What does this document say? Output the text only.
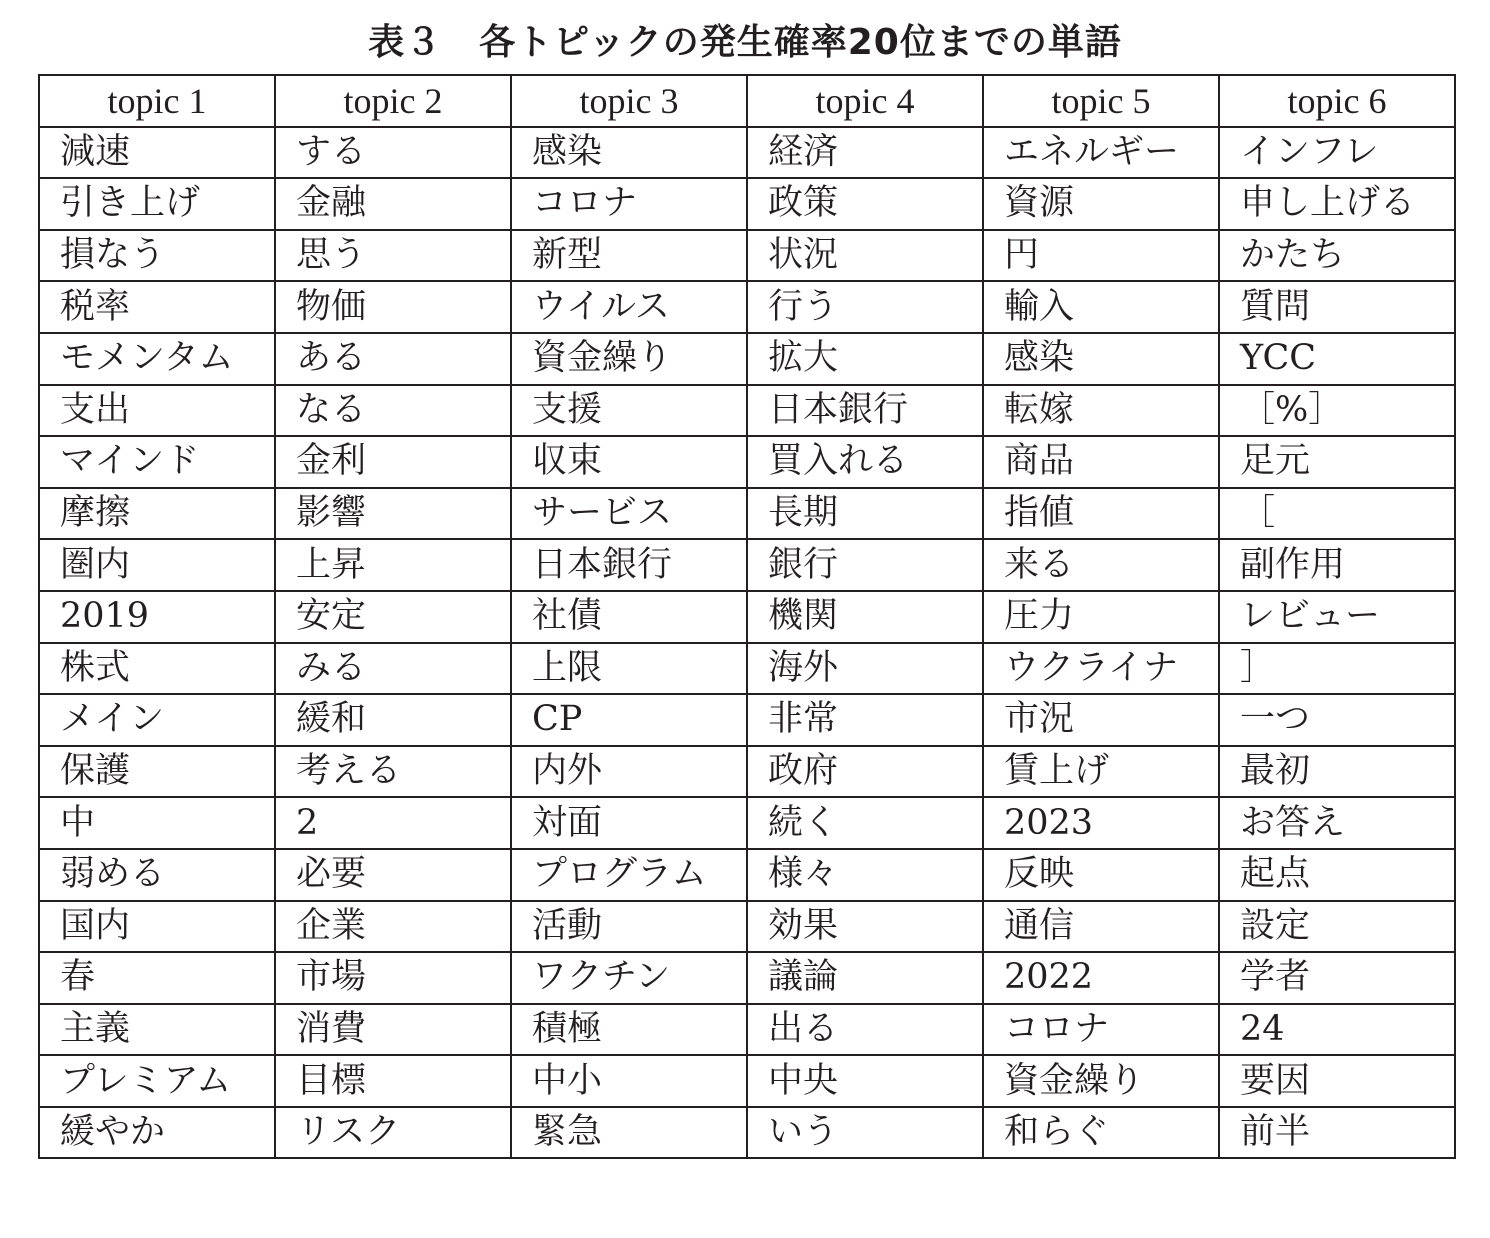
表３　各トピックの発生確率20位までの単語
topic 1	topic 2	topic 3	topic 4	topic 5	topic 6
減速	する	感染	経済	エネルギー	インフレ
引き上げ	金融	コロナ	政策	資源	申し上げる
損なう	思う	新型	状況	円	かたち
税率	物価	ウイルス	行う	輸入	質問
モメンタム	ある	資金繰り	拡大	感染	YCC
支出	なる	支援	日本銀行	転嫁	［%］
マインド	金利	収束	買入れる	商品	足元
摩擦	影響	サービス	長期	指値	［
圏内	上昇	日本銀行	銀行	来る	副作用
2019	安定	社債	機関	圧力	レビュー
株式	みる	上限	海外	ウクライナ	］
メイン	緩和	CP	非常	市況	一つ
保護	考える	内外	政府	賃上げ	最初
中	2	対面	続く	2023	お答え
弱める	必要	プログラム	様々	反映	起点
国内	企業	活動	効果	通信	設定
春	市場	ワクチン	議論	2022	学者
主義	消費	積極	出る	コロナ	24
プレミアム	目標	中小	中央	資金繰り	要因
緩やか	リスク	緊急	いう	和らぐ	前半
